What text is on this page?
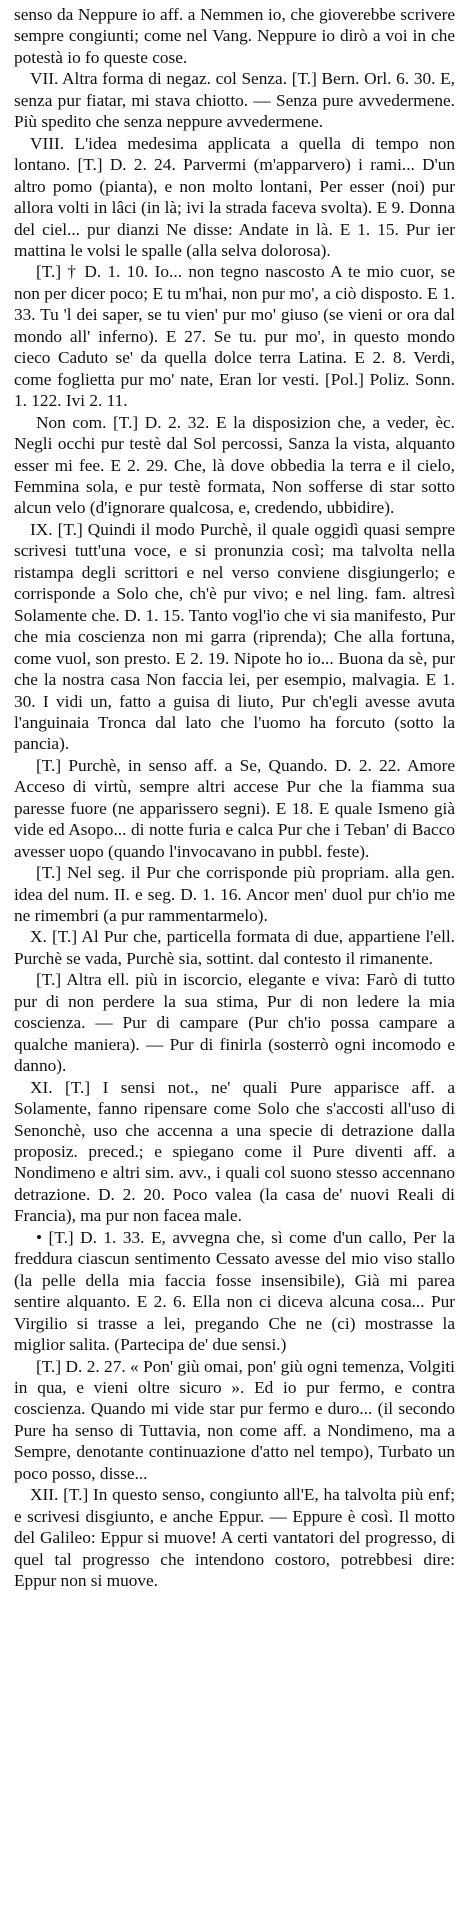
senso da Neppure io aff. a Nemmen io, che gioverebbe scrivere sempre congiunti; come nel Vang. Neppure io dirò a voi in che potestà io fo queste cose.

VII. Altra forma di negaz. col Senza. [T.] Bern. Orl. 6. 30. E, senza pur fiatar, mi stava chiotto. — Senza pure avvedermene. Più spedito che senza neppure avvedermene.

VIII. L'idea medesima applicata a quella di tempo non lontano. [T.] D. 2. 24. Parvermi (m'apparvero) i rami... D'un altro pomo (pianta), e non molto lontani, Per esser (noi) pur allora volti in lâci (in là; ivi la strada faceva svolta). E 9. Donna del ciel... pur dianzi Ne disse: Andate in là. E 1. 15. Pur ier mattina le volsi le spalle (alla selva dolorosa).

[T.] † D. 1. 10. Io... non tegno nascosto A te mio cuor, se non per dicer poco; E tu m'hai, non pur mo', a ciò disposto. E 1. 33. Tu 'l dei saper, se tu vien' pur mo' giuso (se vieni or ora dal mondo all' inferno). E 27. Se tu. pur mo', in questo mondo cieco Caduto se' da quella dolce terra Latina. E 2. 8. Verdi, come foglietta pur mo' nate, Eran lor vesti. [Pol.] Poliz. Sonn. 1. 122. Ivi 2. 11.

Non com. [T.] D. 2. 32. E la disposizion che, a veder, èc. Negli occhi pur testè dal Sol percossi, Sanza la vista, alquanto esser mi fee. E 2. 29. Che, là dove obbedia la terra e il cielo, Femmina sola, e pur testè formata, Non sofferse di star sotto alcun velo (d'ignorare qualcosa, e, credendo, ubbidire).

IX. [T.] Quindi il modo Purchè, il quale oggidì quasi sempre scrivesi tutt'una voce, e si pronunzia così; ma talvolta nella ristampa degli scrittori e nel verso conviene disgiungerlo; e corrisponde a Solo che, ch'è pur vivo; e nel ling. fam. altresì Solamente che. D. 1. 15. Tanto vogl'io che vi sia manifesto, Pur che mia coscienza non mi garra (riprenda); Che alla fortuna, come vuol, son presto. E 2. 19. Nipote ho io... Buona da sè, pur che la nostra casa Non faccia lei, per esempio, malvagia. E 1. 30. I vidi un, fatto a guisa di liuto, Pur ch'egli avesse avuta l'anguinaia Tronca dal lato che l'uomo ha forcuto (sotto la pancia).

[T.] Purchè, in senso aff. a Se, Quando. D. 2. 22. Amore Acceso di virtù, sempre altri accese Pur che la fiamma sua paresse fuore (ne apparissero segni). E 18. E quale Ismeno già vide ed Asopo... di notte furia e calca Pur che i Teban' di Bacco avesser uopo (quando l'invocavano in pubbl. feste).

[T.] Nel seg. il Pur che corrisponde più propriam. alla gen. idea del num. II. e seg. D. 1. 16. Ancor men' duol pur ch'io me ne rimembri (a pur rammentarmelo).

X. [T.] Al Pur che, particella formata di due, appartiene l'ell. Purchè se vada, Purchè sia, sottint. dal contesto il rimanente.

[T.] Altra ell. più in iscorcio, elegante e viva: Farò di tutto pur di non perdere la sua stima, Pur di non ledere la mia coscienza. — Pur di campare (Pur ch'io possa campare a qualche maniera). — Pur di finirla (sosterrò ogni incomodo e danno).

XI. [T.] I sensi not., ne' quali Pure apparisce aff. a Solamente, fanno ripensare come Solo che s'accosti all'uso di Senonchè, uso che accenna a una specie di detrazione dalla proposiz. preced.; e spiegano come il Pure diventi aff. a Nondimeno e altri sim. avv., i quali col suono stesso accennano detrazione. D. 2. 20. Poco valea (la casa de' nuovi Reali di Francia), ma pur non facea male.

• [T.] D. 1. 33. E, avvegna che, sì come d'un callo, Per la freddura ciascun sentimento Cessato avesse del mio viso stallo (la pelle della mia faccia fosse insensibile), Già mi parea sentire alquanto. E 2. 6. Ella non ci diceva alcuna cosa... Pur Virgilio si trasse a lei, pregando Che ne (ci) mostrasse la miglior salita. (Partecipa de' due sensi.)

[T.] D. 2. 27. « Pon' giù omai, pon' giù ogni temenza, Volgiti in qua, e vieni oltre sicuro ». Ed io pur fermo, e contra coscienza. Quando mi vide star pur fermo e duro... (il secondo Pure ha senso di Tuttavia, non come aff. a Nondimeno, ma a Sempre, denotante continuazione d'atto nel tempo), Turbato un poco posso, disse...

XII. [T.] In questo senso, congiunto all'E, ha talvolta più enf; e scrivesi disgiunto, e anche Eppur. — Eppure è così. Il motto del Galileo: Eppur si muove! A certi vantatori del progresso, di quel tal progresso che intendono costoro, potrebbesi dire: Eppur non si muove.
